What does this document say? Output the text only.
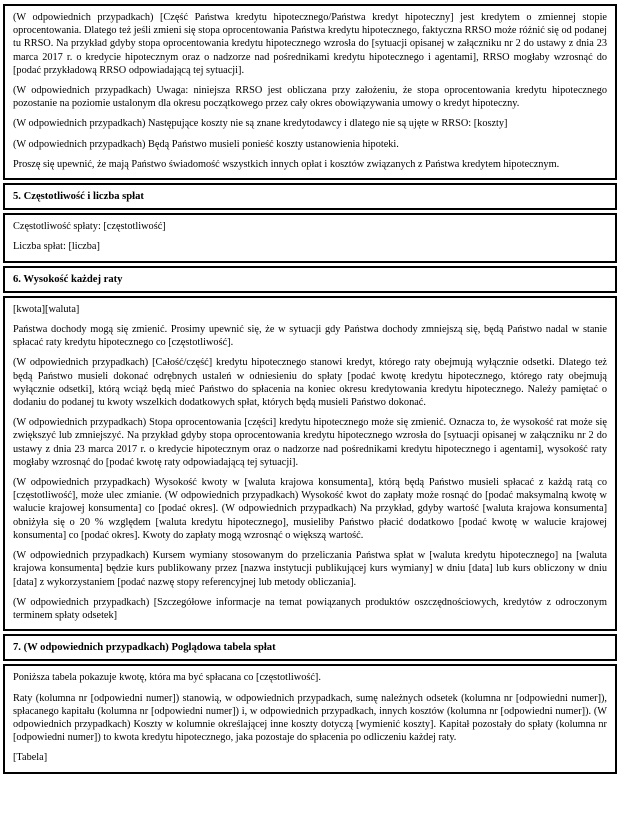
(W odpowiednich przypadkach) [Część Państwa kredytu hipotecznego/Państwa kredyt hipoteczny] jest kredytem o zmiennej stopie oprocentowania. Dlatego też jeśli zmieni się stopa oprocentowania Państwa kredytu hipotecznego, faktyczna RRSO może różnić się od podanej tu RRSO. Na przykład gdyby stopa oprocentowania kredytu hipotecznego wzrosła do [sytuacji opisanej w załączniku nr 2 do ustawy z dnia 23 marca 2017 r. o kredycie hipotecznym oraz o nadzorze nad pośrednikami kredytu hipotecznego i agentami], RRSO mogłaby wzrosnąć do [podać przykładową RRSO odpowiadającą tej sytuacji].

(W odpowiednich przypadkach) Uwaga: niniejsza RRSO jest obliczana przy założeniu, że stopa oprocentowania kredytu hipotecznego pozostanie na poziomie ustalonym dla okresu początkowego przez cały okres obowiązywania umowy o kredyt hipoteczny.

(W odpowiednich przypadkach) Następujące koszty nie są znane kredytodawcy i dlatego nie są ujęte w RRSO: [koszty]

(W odpowiednich przypadkach) Będą Państwo musieli ponieść koszty ustanowienia hipoteki.

Proszę się upewnić, że mają Państwo świadomość wszystkich innych opłat i kosztów związanych z Państwa kredytem hipotecznym.

5. Częstotliwość i liczba spłat

Częstotliwość spłaty: [częstotliwość]

Liczba spłat: [liczba]

6. Wysokość każdej raty

[kwota][waluta]

Państwa dochody mogą się zmienić. Prosimy upewnić się, że w sytuacji gdy Państwa dochody zmniejszą się, będą Państwo nadal w stanie spłacać raty kredytu hipotecznego co [częstotliwość].

(W odpowiednich przypadkach) [Całość/część] kredytu hipotecznego stanowi kredyt, którego raty obejmują wyłącznie odsetki. Dlatego też będą Państwo musieli dokonać odrębnych ustaleń w odniesieniu do spłaty [podać kwotę kredytu hipotecznego, którego raty obejmują wyłącznie odsetki], którą wciąż będą mieć Państwo do spłacenia na koniec okresu kredytowania kredytu hipotecznego. Należy pamiętać o dodaniu do podanej tu kwoty wszelkich dodatkowych spłat, których będą musieli Państwo dokonać.

(W odpowiednich przypadkach) Stopa oprocentowania [części] kredytu hipotecznego może się zmienić. Oznacza to, że wysokość rat może się zwiększyć lub zmniejszyć. Na przykład gdyby stopa oprocentowania kredytu hipotecznego wzrosła do [sytuacji opisanej w załączniku nr 2 do ustawy z dnia 23 marca 2017 r. o kredycie hipotecznym oraz o nadzorze nad pośrednikami kredytu hipotecznego i agentami], wysokość raty mogłaby wzrosnąć do [podać kwotę raty odpowiadającą tej sytuacji].

(W odpowiednich przypadkach) Wysokość kwoty w [waluta krajowa konsumenta], którą będą Państwo musieli spłacać z każdą ratą co [częstotliwość], może ulec zmianie. (W odpowiednich przypadkach) Wysokość kwot do zapłaty może rosnąć do [podać maksymalną kwotę w walucie krajowej konsumenta] co [podać okres]. (W odpowiednich przypadkach) Na przykład, gdyby wartość [waluta krajowa konsumenta] obniżyła się o 20 % względem [waluta kredytu hipotecznego], musieliby Państwo płacić dodatkowo [podać kwotę w walucie krajowej konsumenta] co [podać okres]. Kwoty do zapłaty mogą wzrosnąć o większą wartość.

(W odpowiednich przypadkach) Kursem wymiany stosowanym do przeliczania Państwa spłat w [waluta kredytu hipotecznego] na [waluta krajowa konsumenta] będzie kurs publikowany przez [nazwa instytucji publikującej kurs wymiany] w dniu [data] lub kurs obliczony w dniu [data] z wykorzystaniem [podać nazwę stopy referencyjnej lub metody obliczania].

(W odpowiednich przypadkach) [Szczegółowe informacje na temat powiązanych produktów oszczędnościowych, kredytów z odroczonym terminem spłaty odsetek]

7. (W odpowiednich przypadkach) Poglądowa tabela spłat

Poniższa tabela pokazuje kwotę, która ma być spłacana co [częstotliwość].

Raty (kolumna nr [odpowiedni numer]) stanowią, w odpowiednich przypadkach, sumę należnych odsetek (kolumna nr [odpowiedni numer]), spłacanego kapitału (kolumna nr [odpowiedni numer]) i, w odpowiednich przypadkach, innych kosztów (kolumna nr [odpowiedni numer]). (W odpowiednich przypadkach) Koszty w kolumnie określającej inne koszty dotyczą [wymienić koszty]. Kapitał pozostały do spłaty (kolumna nr [odpowiedni numer]) to kwota kredytu hipotecznego, jaka pozostaje do spłacenia po odliczeniu każdej raty.

[Tabela]
